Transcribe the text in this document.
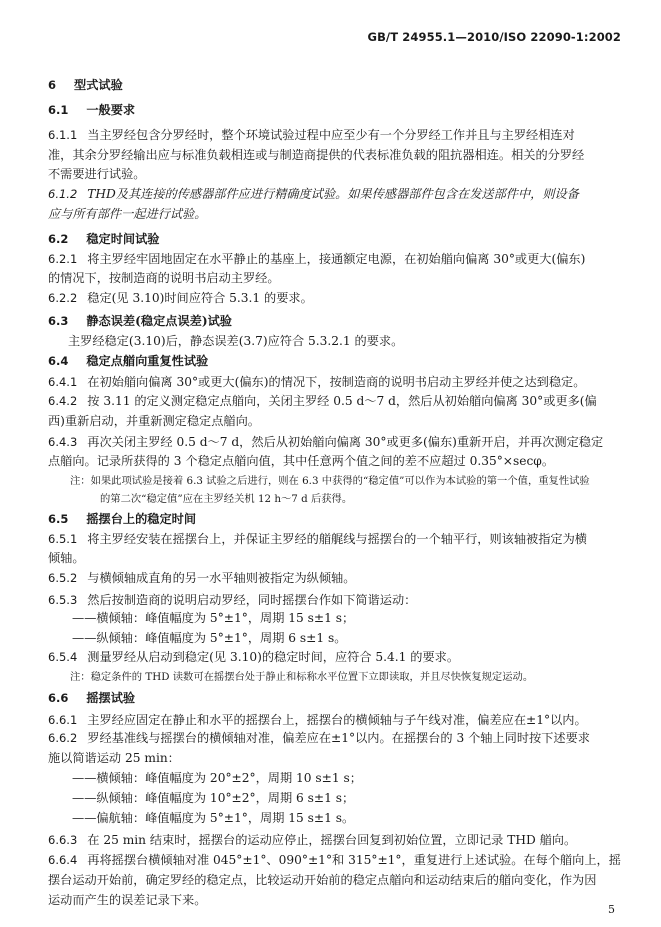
GB/T 24955.1—2010/ISO 22090-1:2002
6 型式试验
6.1 一般要求
6.1.1 当主罗经包含分罗经时，整个环境试验过程中应至少有一个分罗经工作并且与主罗经相连对
准，其余分罗经输出应与标准负载相连或与制造商提供的代表标准负载的阻抗器相连。相关的分罗经
不需要进行试验。
6.1.2 THD及其连接的传感器部件应进行精确度试验。如果传感器部件包含在发送部件中，则设备
应与所有部件一起进行试验。
6.2 稳定时间试验
6.2.1 将主罗经牢固地固定在水平静止的基座上，接通额定电源，在初始艏向偏离 30°或更大(偏东)
的情况下，按制造商的说明书启动主罗经。
6.2.2 稳定(见 3.10)时间应符合 5.3.1 的要求。
6.3 静态误差(稳定点误差)试验
主罗经稳定(3.10)后，静态误差(3.7)应符合 5.3.2.1 的要求。
6.4 稳定点艏向重复性试验
6.4.1 在初始艏向偏离 30°或更大(偏东)的情况下，按制造商的说明书启动主罗经并使之达到稳定。
6.4.2 按 3.11 的定义测定稳定点艏向，关闭主罗经 0.5 d～7 d，然后从初始艏向偏离 30°或更多(偏
西)重新启动，并重新测定稳定点艏向。
6.4.3 再次关闭主罗经 0.5 d～7 d，然后从初始艏向偏离 30°或更多(偏东)重新开启，并再次测定稳定
点艏向。记录所获得的 3 个稳定点艏向值，其中任意两个值之间的差不应超过 0.35°×secφ。
注：如果此项试验是接着 6.3 试验之后进行，则在 6.3 中获得的“稳定值”可以作为本试验的第一个值，重复性试验
的第二次“稳定值”应在主罗经关机 12 h～7 d 后获得。
6.5 摇摆台上的稳定时间
6.5.1 将主罗经安装在摇摆台上，并保证主罗经的艏艉线与摇摆台的一个轴平行，则该轴被指定为横
倾轴。
6.5.2 与横倾轴成直角的另一水平轴则被指定为纵倾轴。
6.5.3 然后按制造商的说明启动罗经，同时摇摆台作如下简谐运动：
——横倾轴：峰值幅度为 5°±1°，周期 15 s±1 s；
——纵倾轴：峰值幅度为 5°±1°，周期 6 s±1 s。
6.5.4 测量罗经从启动到稳定(见 3.10)的稳定时间，应符合 5.4.1 的要求。
注：稳定条件的 THD 读数可在摇摆台处于静止和标称水平位置下立即读取，并且尽快恢复规定运动。
6.6 摇摆试验
6.6.1 主罗经应固定在静止和水平的摇摆台上，摇摆台的横倾轴与子午线对准，偏差应在±1°以内。
6.6.2 罗经基准线与摇摆台的横倾轴对准，偏差应在±1°以内。在摇摆台的 3 个轴上同时按下述要求
施以简谐运动 25 min：
——横倾轴：峰值幅度为 20°±2°，周期 10 s±1 s；
——纵倾轴：峰值幅度为 10°±2°，周期 6 s±1 s；
——偏航轴：峰值幅度为 5°±1°，周期 15 s±1 s。
6.6.3 在 25 min 结束时，摇摆台的运动应停止，摇摆台回复到初始位置，立即记录 THD 艏向。
6.6.4 再将摇摆台横倾轴对准 045°±1°、090°±1°和 315°±1°，重复进行上述试验。在每个艏向上，摇
摆台运动开始前，确定罗经的稳定点，比较运动开始前的稳定点艏向和运动结束后的艏向变化，作为因
运动而产生的误差记录下来。
5
